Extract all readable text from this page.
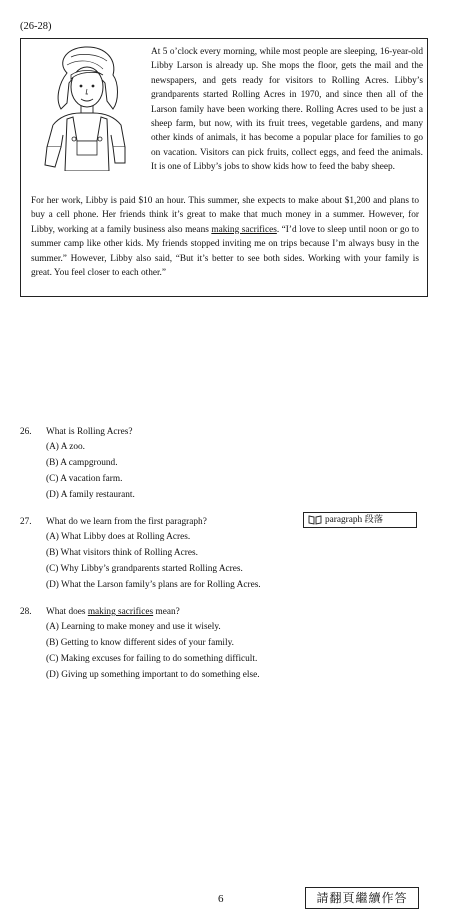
(26-28)

At 5 o’clock every morning, while most people are sleeping, 16-year-old Libby Larson is already up. She mops the floor, gets the mail and the newspapers, and gets ready for visitors to Rolling Acres. Libby’s grandparents started Rolling Acres in 1970, and since then all of the Larson family have been working there. Rolling Acres used to be just a sheep farm, but now, with its fruit trees, vegetable gardens, and many other kinds of animals, it has become a popular place for families to go on vacation. Visitors can pick fruits, collect eggs, and feed the animals. It is one of Libby’s jobs to show kids how to feed the baby sheep.

For her work, Libby is paid $10 an hour. This summer, she expects to make about $1,200 and plans to buy a cell phone. Her friends think it’s great to make that much money in a summer. However, for Libby, working at a family business also means making sacrifices. “I’d love to sleep until noon or go to summer camp like other kids. My friends stopped inviting me on trips because I’m always busy in the summer.” However, Libby also said, “But it’s better to see both sides. Working with your family is great. You feel closer to each other.”

26. What is Rolling Acres?
(A) A zoo.
(B) A campground.
(C) A vacation farm.
(D) A family restaurant.
27. What do we learn from the first paragraph?
(A) What Libby does at Rolling Acres.
(B) What visitors think of Rolling Acres.
(C) Why Libby’s grandparents started Rolling Acres.
(D) What the Larson family’s plans are for Rolling Acres.
paragraph 段落
28. What does making sacrifices mean?
(A) Learning to make money and use it wisely.
(B) Getting to know different sides of your family.
(C) Making excuses for failing to do something difficult.
(D) Giving up something important to do something else.
6	請翻頁繼續作答
